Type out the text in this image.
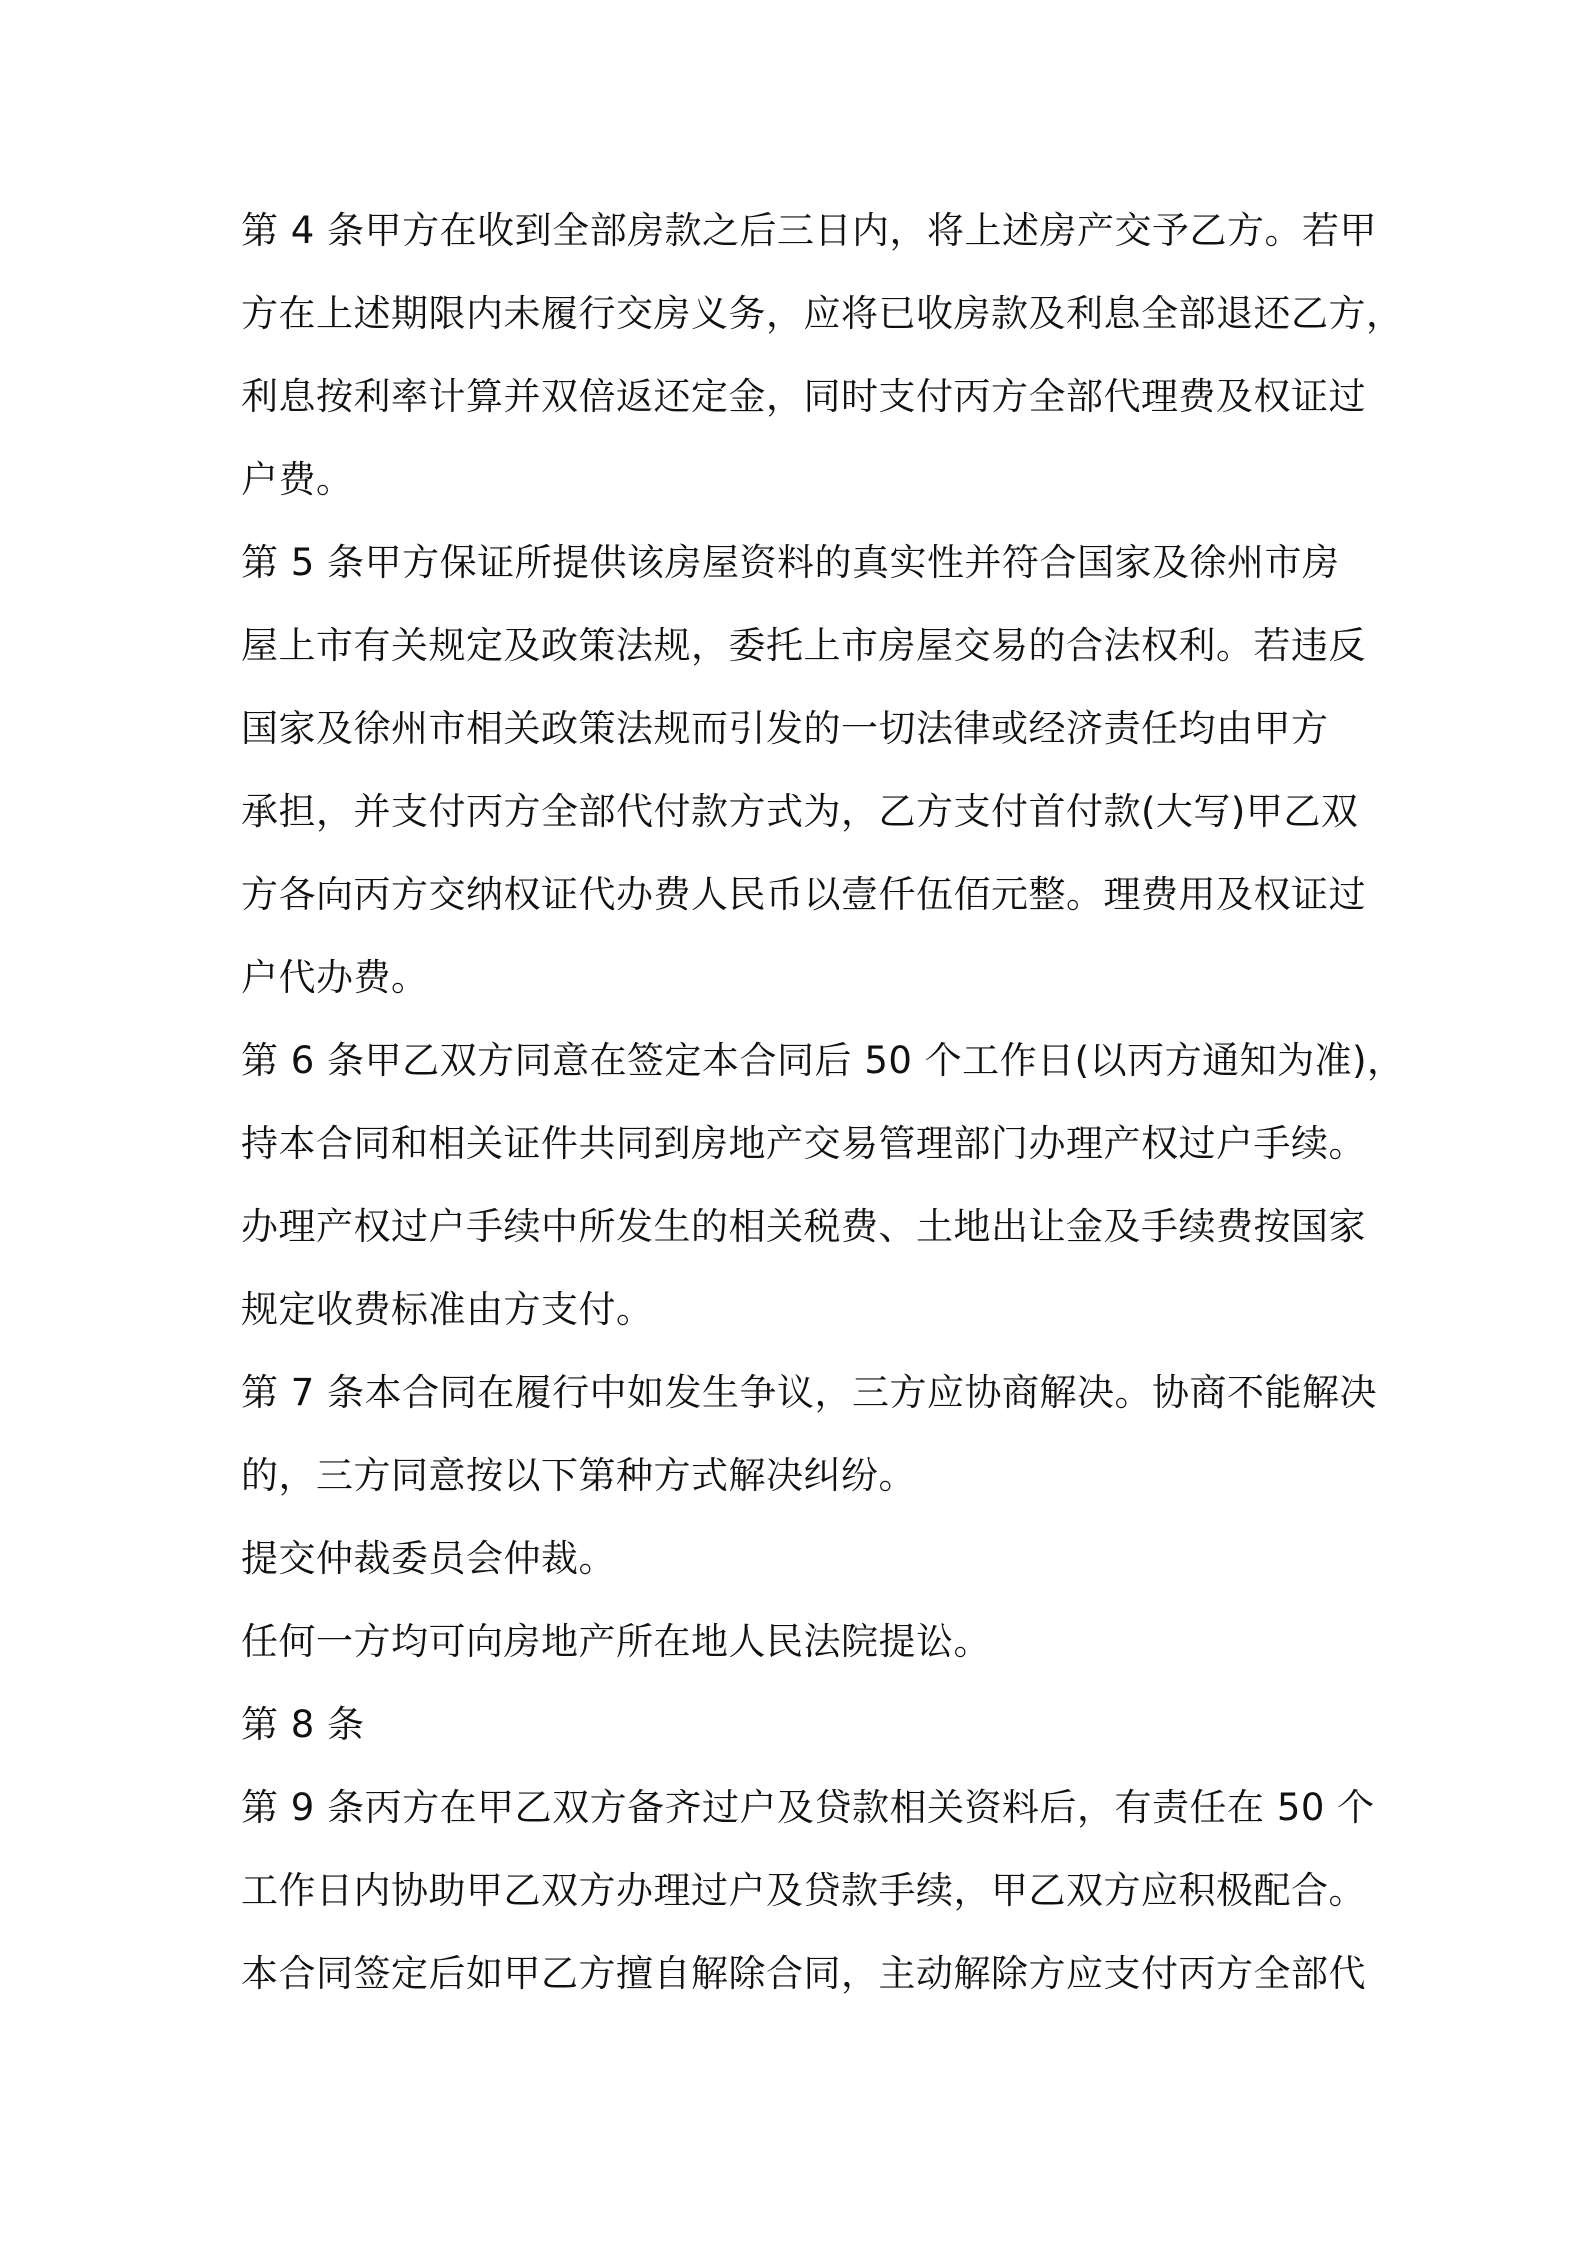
第 4 条甲方在收到全部房款之后三日内，将上述房产交予乙方。若甲
方在上述期限内未履行交房义务，应将已收房款及利息全部退还乙方，
利息按利率计算并双倍返还定金，同时支付丙方全部代理费及权证过
户费。
第 5 条甲方保证所提供该房屋资料的真实性并符合国家及徐州市房
屋上市有关规定及政策法规，委托上市房屋交易的合法权利。若违反
国家及徐州市相关政策法规而引发的一切法律或经济责任均由甲方
承担，并支付丙方全部代付款方式为，乙方支付首付款(大写)甲乙双
方各向丙方交纳权证代办费人民币以壹仟伍佰元整。理费用及权证过
户代办费。
第 6 条甲乙双方同意在签定本合同后 50 个工作日(以丙方通知为准)，
持本合同和相关证件共同到房地产交易管理部门办理产权过户手续。
办理产权过户手续中所发生的相关税费、土地出让金及手续费按国家
规定收费标准由方支付。
第 7 条本合同在履行中如发生争议，三方应协商解决。协商不能解决
的，三方同意按以下第种方式解决纠纷。
提交仲裁委员会仲裁。
任何一方均可向房地产所在地人民法院提讼。
第 8 条
第 9 条丙方在甲乙双方备齐过户及贷款相关资料后，有责任在 50 个
工作日内协助甲乙双方办理过户及贷款手续，甲乙双方应积极配合。
本合同签定后如甲乙方擅自解除合同，主动解除方应支付丙方全部代
